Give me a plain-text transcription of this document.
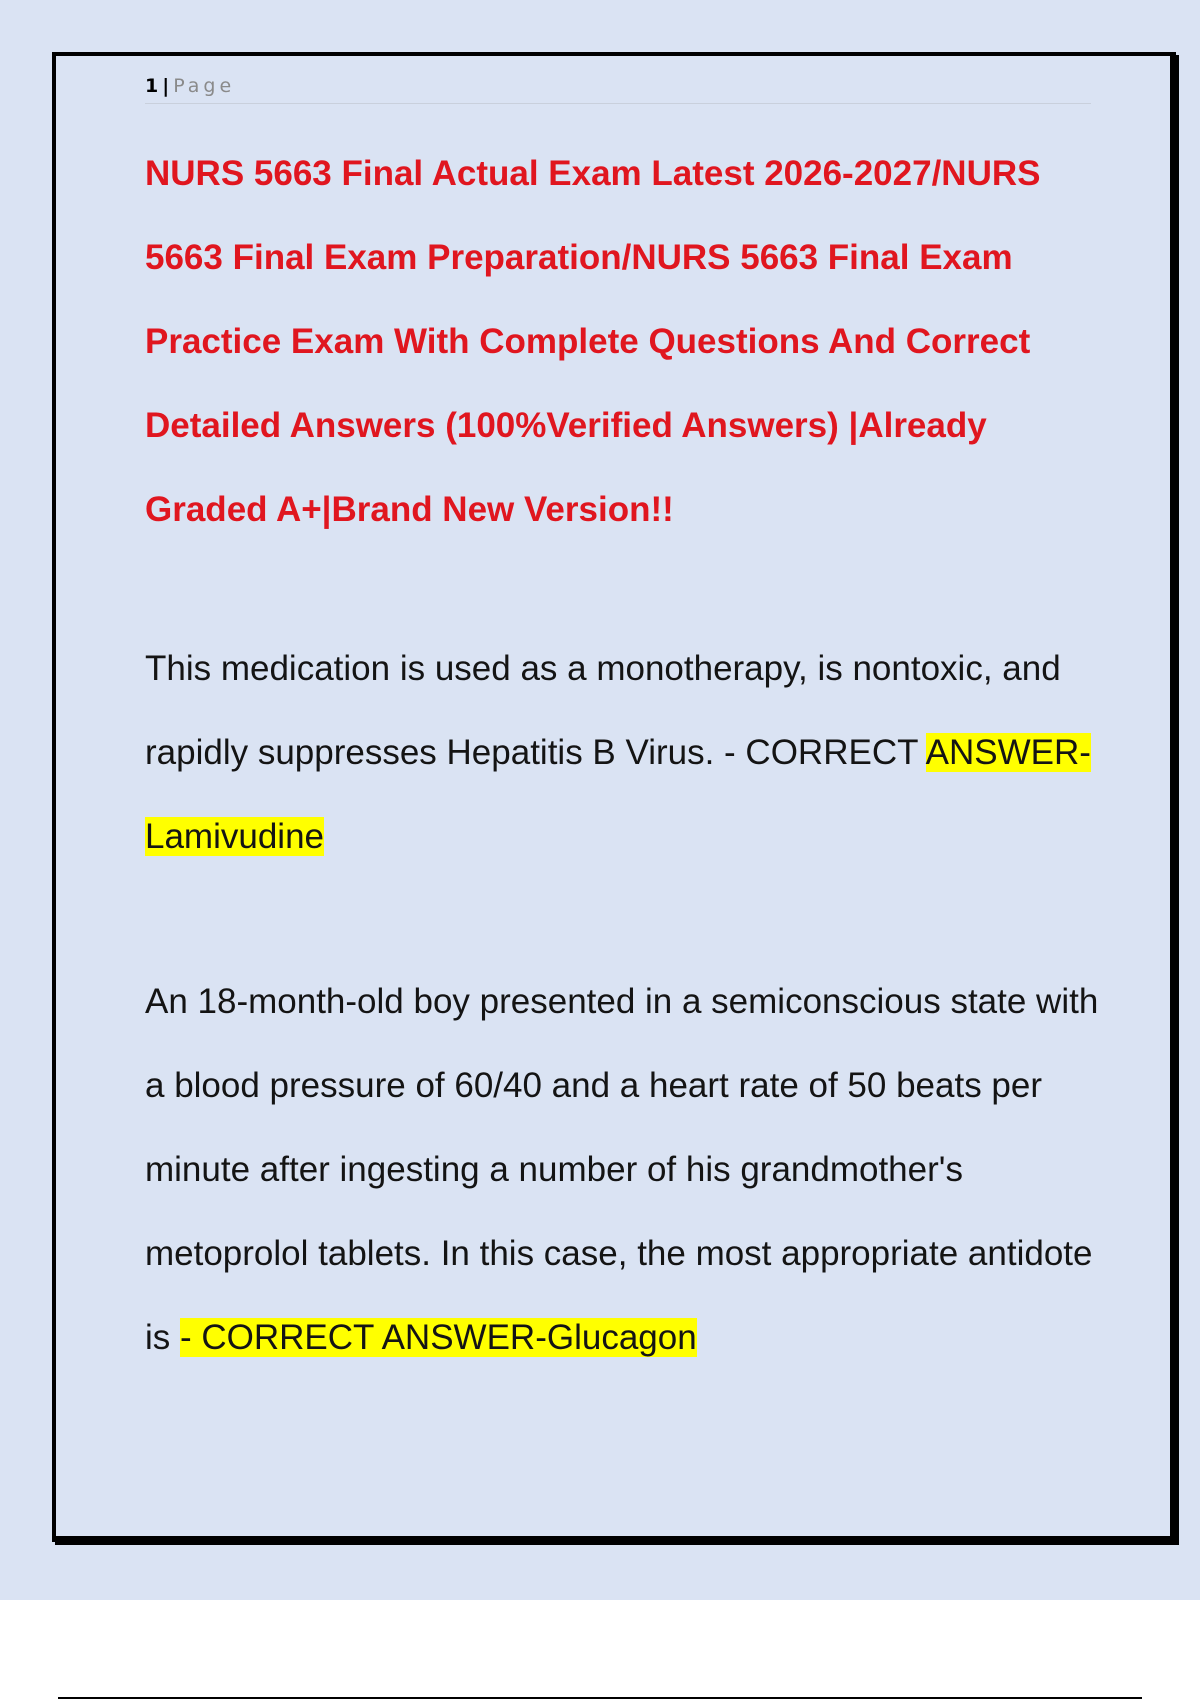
1 | Page
NURS 5663 Final Actual Exam Latest 2026-2027/NURS 5663 Final Exam Preparation/NURS 5663 Final Exam Practice Exam With Complete Questions And Correct Detailed Answers (100%Verified Answers) |Already Graded A+|Brand New Version!!

This medication is used as a monotherapy, is nontoxic, and rapidly suppresses Hepatitis B Virus. - CORRECT ANSWER-Lamivudine

An 18-month-old boy presented in a semiconscious state with a blood pressure of 60/40 and a heart rate of 50 beats per minute after ingesting a number of his grandmother's metoprolol tablets. In this case, the most appropriate antidote is - CORRECT ANSWER-Glucagon
